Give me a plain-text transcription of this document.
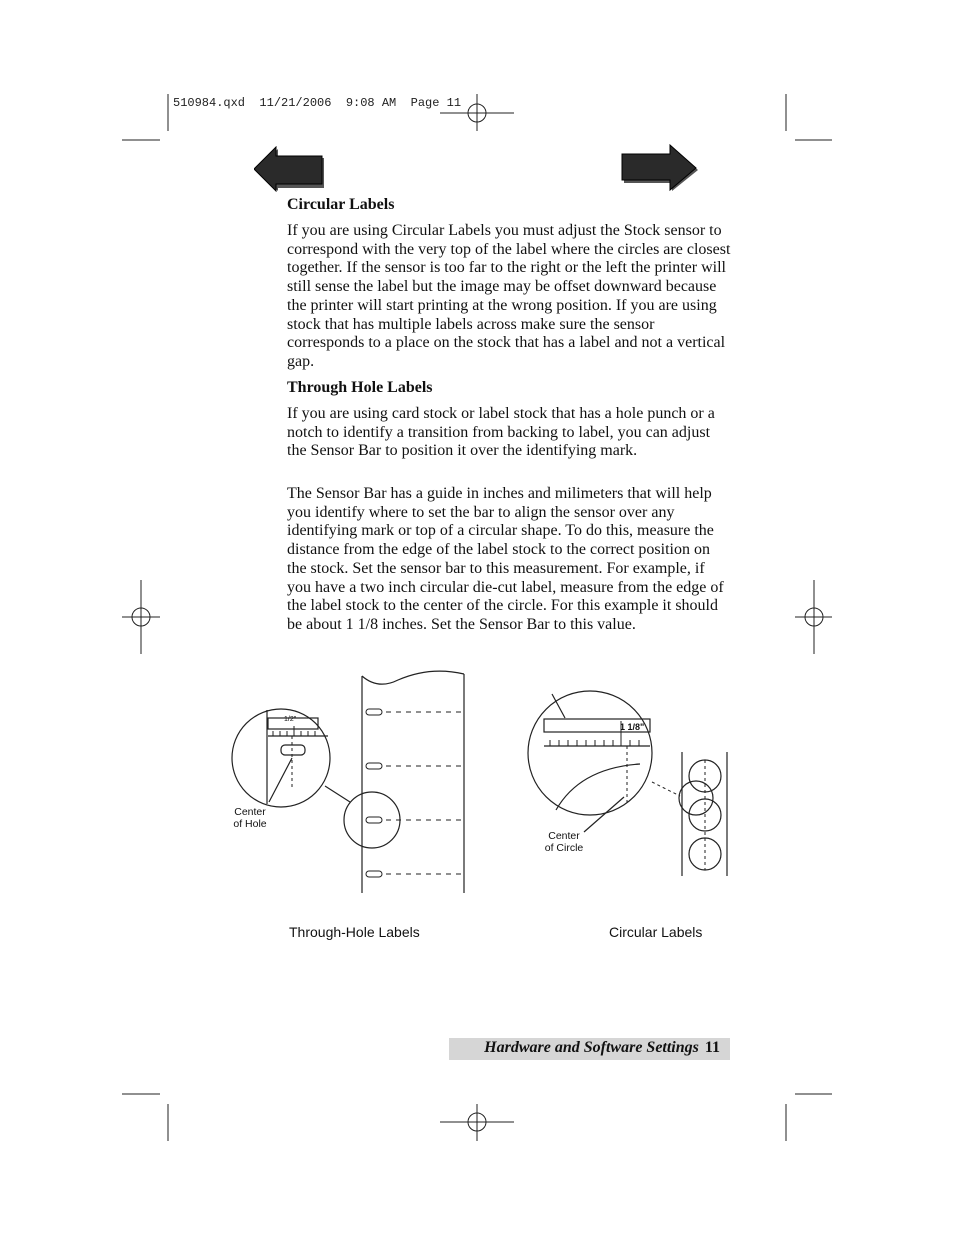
510984.qxd  11/21/2006  9:08 AM  Page 11
Circular Labels

If you are using Circular Labels you must adjust the Stock sensor to correspond with the very top of the label where the circles are closest together. If the sensor is too far to the right or the left the printer will still sense the label but the image may be offset downward because the printer will start printing at the wrong position. If you are using stock that has multiple labels across make sure the sensor corresponds to a place on the stock that has a label and not a vertical gap.

Through Hole Labels

If you are using card stock or label stock that has a hole punch or a notch to identify a transition from backing to label, you can adjust the Sensor Bar to position it over the identifying mark.

The Sensor Bar has a guide in inches and milimeters that will help you identify where to set the bar to align the sensor over any identifying mark or top of a circular shape. To do this, measure the distance from the edge of the label stock to the correct position on the stock. Set the sensor bar to this measurement. For example, if you have a two inch circular die-cut label, measure from the edge of the label stock to the center of the circle. For this example it should be about 1 1/8 inches. Set the Sensor Bar to this value.

1/2"
1 1/8"
Center
of Hole
Center
of Circle
Through-Hole Labels	Circular Labels
Hardware and Software Settings 11
